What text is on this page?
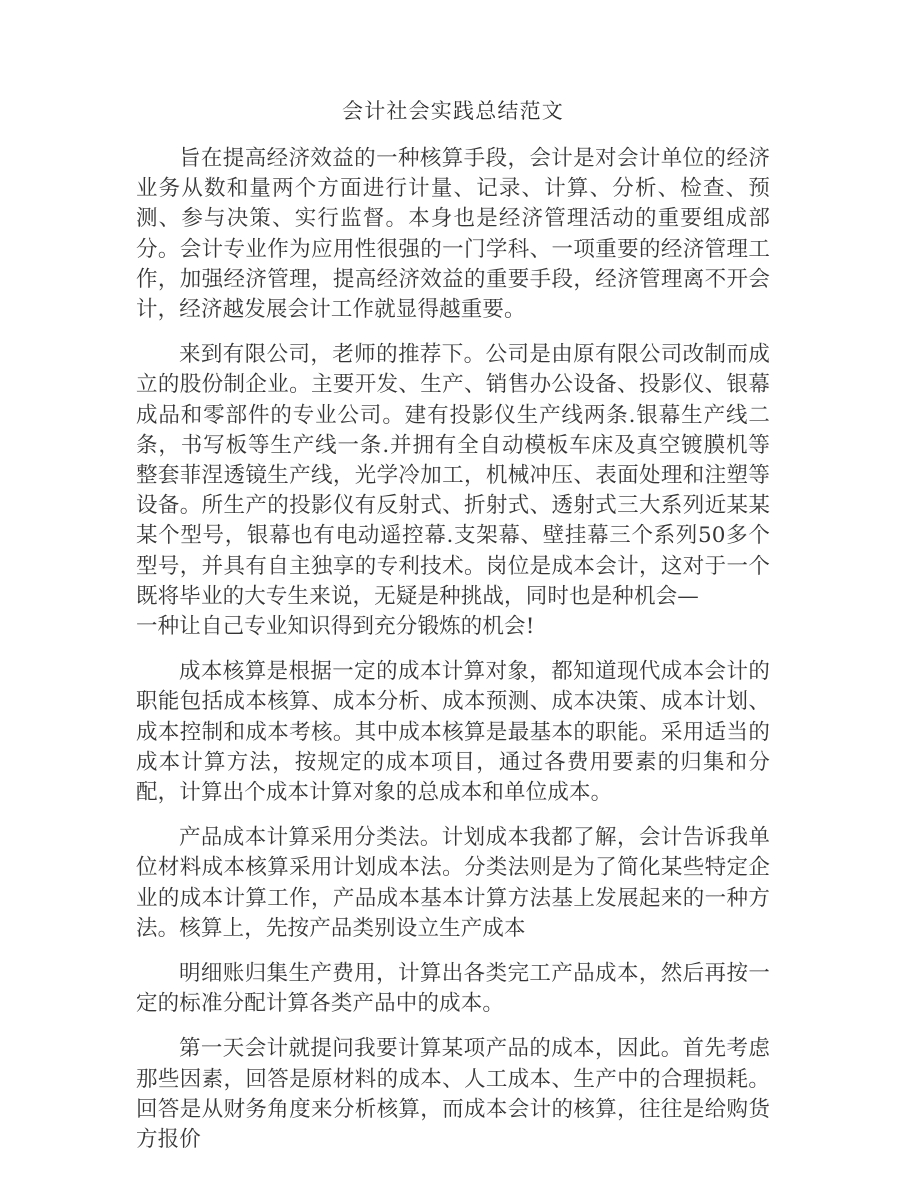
会计社会实践总结范文

旨在提高经济效益的一种核算手段，会计是对会计单位的经济业务从数和量两个方面进行计量、记录、计算、分析、检查、预测、参与决策、实行监督。本身也是经济管理活动的重要组成部分。会计专业作为应用性很强的一门学科、一项重要的经济管理工作，加强经济管理，提高经济效益的重要手段，经济管理离不开会计，经济越发展会计工作就显得越重要。

来到有限公司，老师的推荐下。公司是由原有限公司改制而成立的股份制企业。主要开发、生产、销售办公设备、投影仪、银幕成品和零部件的专业公司。建有投影仪生产线两条.银幕生产线二条，书写板等生产线一条.并拥有全自动模板车床及真空镀膜机等整套菲涅透镜生产线，光学冷加工，机械冲压、表面处理和注塑等设备。所生产的投影仪有反射式、折射式、透射式三大系列近某某某个型号，银幕也有电动遥控幕.支架幕、壁挂幕三个系列50多个型号，并具有自主独享的专利技术。岗位是成本会计，这对于一个既将毕业的大专生来说，无疑是种挑战，同时也是种机会—
一种让自己专业知识得到充分锻炼的机会!

成本核算是根据一定的成本计算对象，都知道现代成本会计的职能包括成本核算、成本分析、成本预测、成本决策、成本计划、成本控制和成本考核。其中成本核算是最基本的职能。采用适当的成本计算方法，按规定的成本项目，通过各费用要素的归集和分配，计算出个成本计算对象的总成本和单位成本。

产品成本计算采用分类法。计划成本我都了解，会计告诉我单位材料成本核算采用计划成本法。分类法则是为了简化某些特定企业的成本计算工作，产品成本基本计算方法基上发展起来的一种方法。核算上，先按产品类别设立生产成本

明细账归集生产费用，计算出各类完工产品成本，然后再按一定的标准分配计算各类产品中的成本。

第一天会计就提问我要计算某项产品的成本，因此。首先考虑那些因素，回答是原材料的成本、人工成本、生产中的合理损耗。回答是从财务角度来分析核算，而成本会计的核算，往往是给购货方报价
